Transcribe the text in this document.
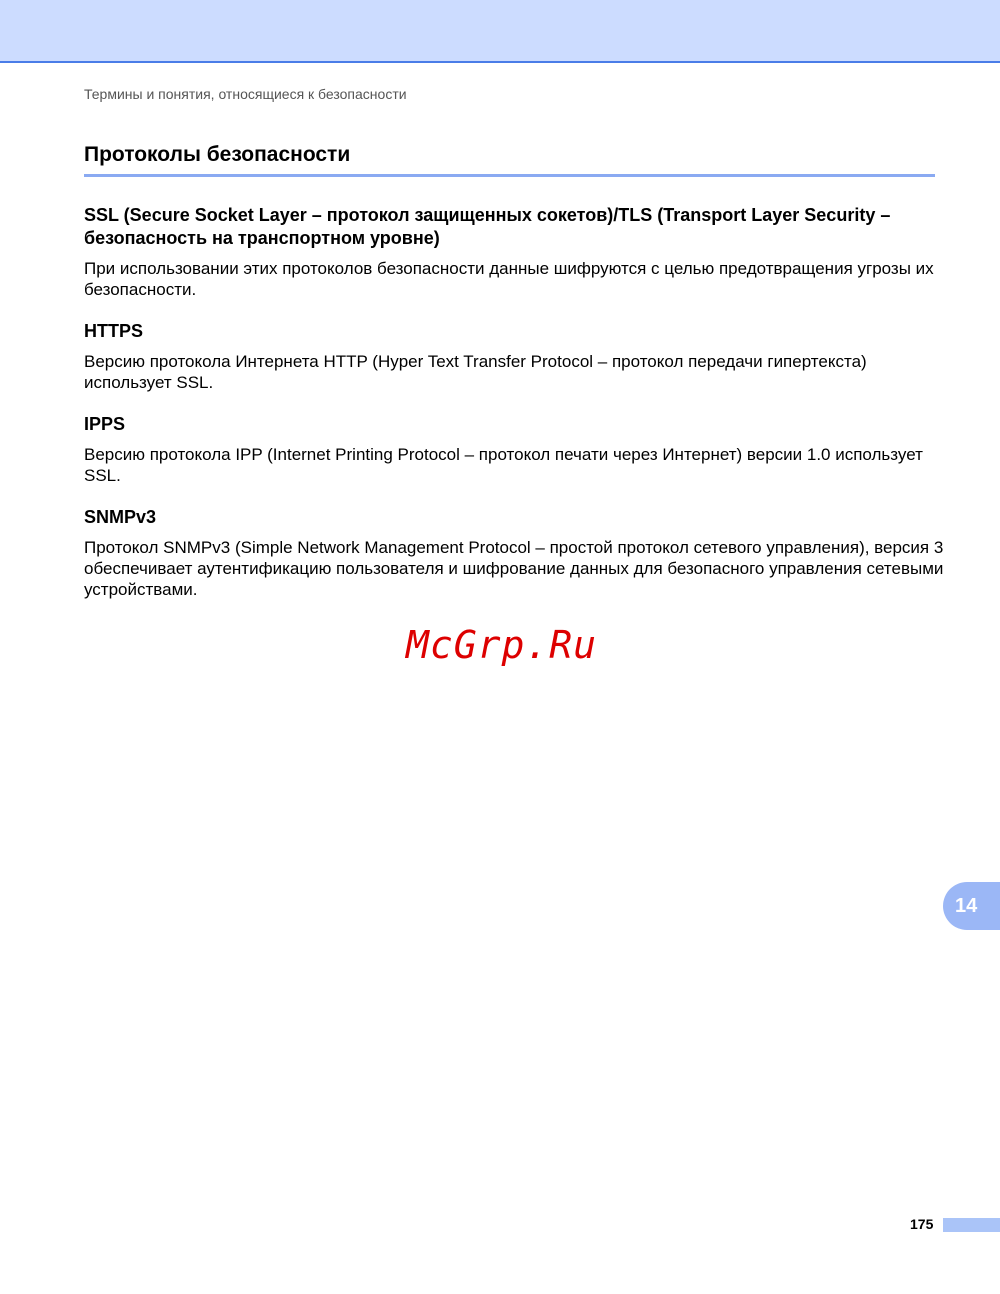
Термины и понятия, относящиеся к безопасности
Протоколы безопасности
SSL (Secure Socket Layer – протокол защищенных сокетов)/TLS (Transport Layer Security – безопасность на транспортном уровне)

При использовании этих протоколов безопасности данные шифруются с целью предотвращения угрозы их безопасности.

HTTPS

Версию протокола Интернета HTTP (Hyper Text Transfer Protocol – протокол передачи гипертекста) использует SSL.

IPPS

Версию протокола IPP (Internet Printing Protocol – протокол печати через Интернет) версии 1.0 использует SSL.

SNMPv3

Протокол SNMPv3 (Simple Network Management Protocol – простой протокол сетевого управления), версия 3 обеспечивает аутентификацию пользователя и шифрование данных для безопасного управления сетевыми устройствами.

McGrp.Ru
14
175
